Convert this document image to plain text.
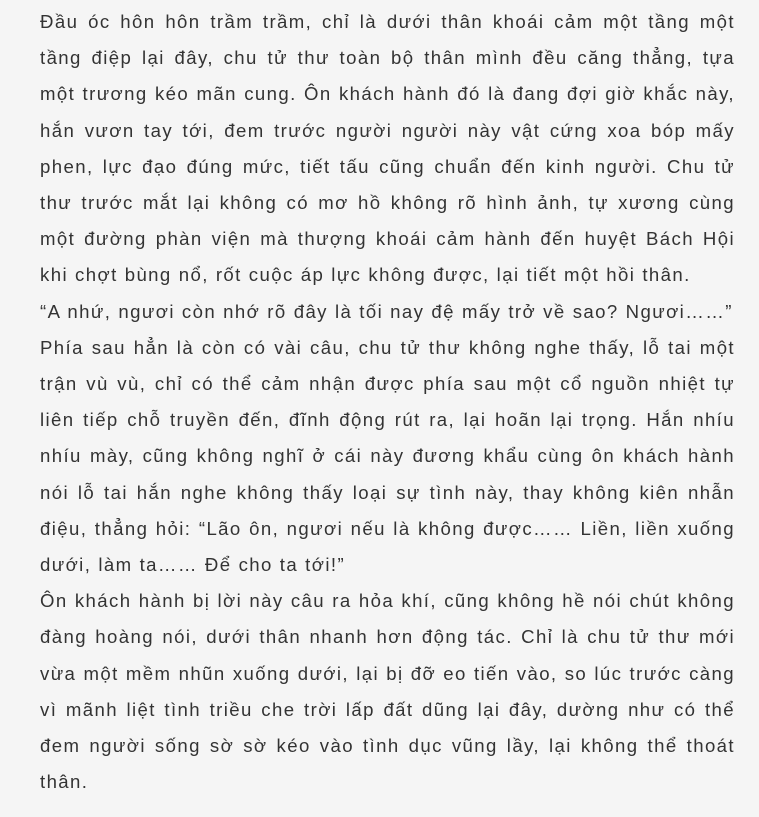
Đầu óc hôn hôn trầm trầm, chỉ là dưới thân khoái cảm một tầng một tầng điệp lại đây, chu tử thư toàn bộ thân mình đều căng thẳng, tựa một trương kéo mãn cung. Ôn khách hành đó là đang đợi giờ khắc này, hắn vươn tay tới, đem trước người người này vật cứng xoa bóp mấy phen, lực đạo đúng mức, tiết tấu cũng chuẩn đến kinh người. Chu tử thư trước mắt lại không có mơ hồ không rõ hình ảnh, tự xương cùng một đường phàn viện mà thượng khoái cảm hành đến huyệt Bách Hội khi chợt bùng nổ, rốt cuộc áp lực không được, lại tiết một hồi thân.

“A nhứ, ngươi còn nhớ rõ đây là tối nay đệ mấy trở về sao? Ngươi……”

Phía sau hẳn là còn có vài câu, chu tử thư không nghe thấy, lỗ tai một trận vù vù, chỉ có thể cảm nhận được phía sau một cổ nguồn nhiệt tự liên tiếp chỗ truyền đến, đĩnh động rút ra, lại hoãn lại trọng. Hắn nhíu nhíu mày, cũng không nghĩ ở cái này đương khẩu cùng ôn khách hành nói lỗ tai hắn nghe không thấy loại sự tình này, thay không kiên nhẫn điệu, thẳng hỏi: “Lão ôn, ngươi nếu là không được…… Liền, liền xuống dưới, làm ta…… Để cho ta tới!”

Ôn khách hành bị lời này câu ra hỏa khí, cũng không hề nói chút không đàng hoàng nói, dưới thân nhanh hơn động tác. Chỉ là chu tử thư mới vừa một mềm nhũn xuống dưới, lại bị đỡ eo tiến vào, so lúc trước càng vì mãnh liệt tình triều che trời lấp đất dũng lại đây, dường như có thể đem người sống sờ sờ kéo vào tình dục vũng lầy, lại không thể thoát thân.
